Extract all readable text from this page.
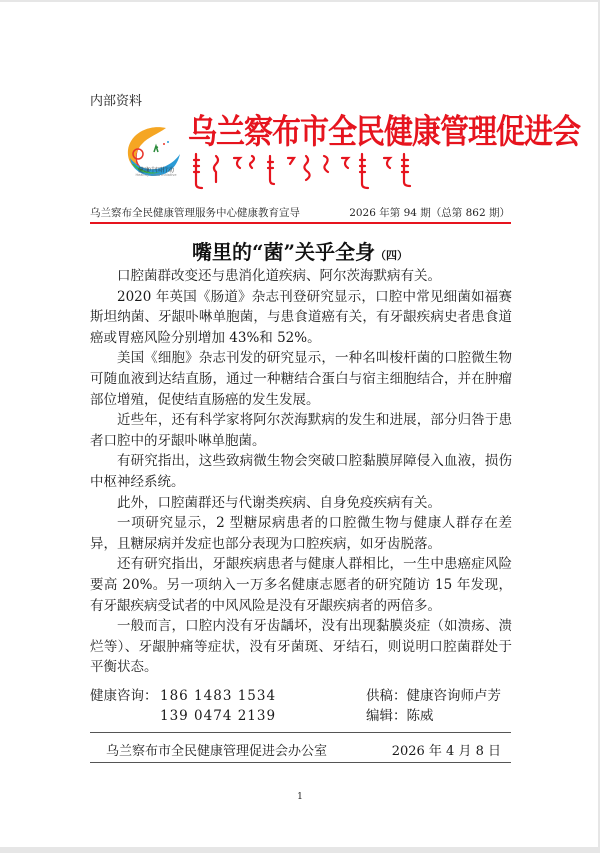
内部资料
健康中国行动
Healthy China Initiative
乌兰察布市全民健康管理促进会
乌兰察布全民健康管理服务中心健康教育宣导	2026 年第 94 期（总第 862 期）
嘴里的“菌”关乎全身（四）

口腔菌群改变还与患消化道疾病、阿尔茨海默病有关。

2020 年英国《肠道》杂志刊登研究显示，口腔中常见细菌如福赛斯坦纳菌、牙龈卟啉单胞菌，与患食道癌有关，有牙龈疾病史者患食道癌或胃癌风险分别增加 43%和 52%。

美国《细胞》杂志刊发的研究显示，一种名叫梭杆菌的口腔微生物可随血液到达结直肠，通过一种糖结合蛋白与宿主细胞结合，并在肿瘤部位增殖，促使结直肠癌的发生发展。

近些年，还有科学家将阿尔茨海默病的发生和进展，部分归咎于患者口腔中的牙龈卟啉单胞菌。

有研究指出，这些致病微生物会突破口腔黏膜屏障侵入血液，损伤中枢神经系统。

此外，口腔菌群还与代谢类疾病、自身免疫疾病有关。

一项研究显示，2 型糖尿病患者的口腔微生物与健康人群存在差异，且糖尿病并发症也部分表现为口腔疾病，如牙齿脱落。

还有研究指出，牙龈疾病患者与健康人群相比，一生中患癌症风险要高 20%。另一项纳入一万多名健康志愿者的研究随访 15 年发现，有牙龈疾病受试者的中风风险是没有牙龈疾病者的两倍多。

一般而言，口腔内没有牙齿龋坏，没有出现黏膜炎症（如溃疡、溃烂等）、牙龈肿痛等症状，没有牙菌斑、牙结石，则说明口腔菌群处于平衡状态。

健康咨询： 186 1483 1534
139 0474 2139
供稿：健康咨询师卢芳
编辑：陈威
乌兰察布市全民健康管理促进会办公室	2026 年 4 月 8 日
1
